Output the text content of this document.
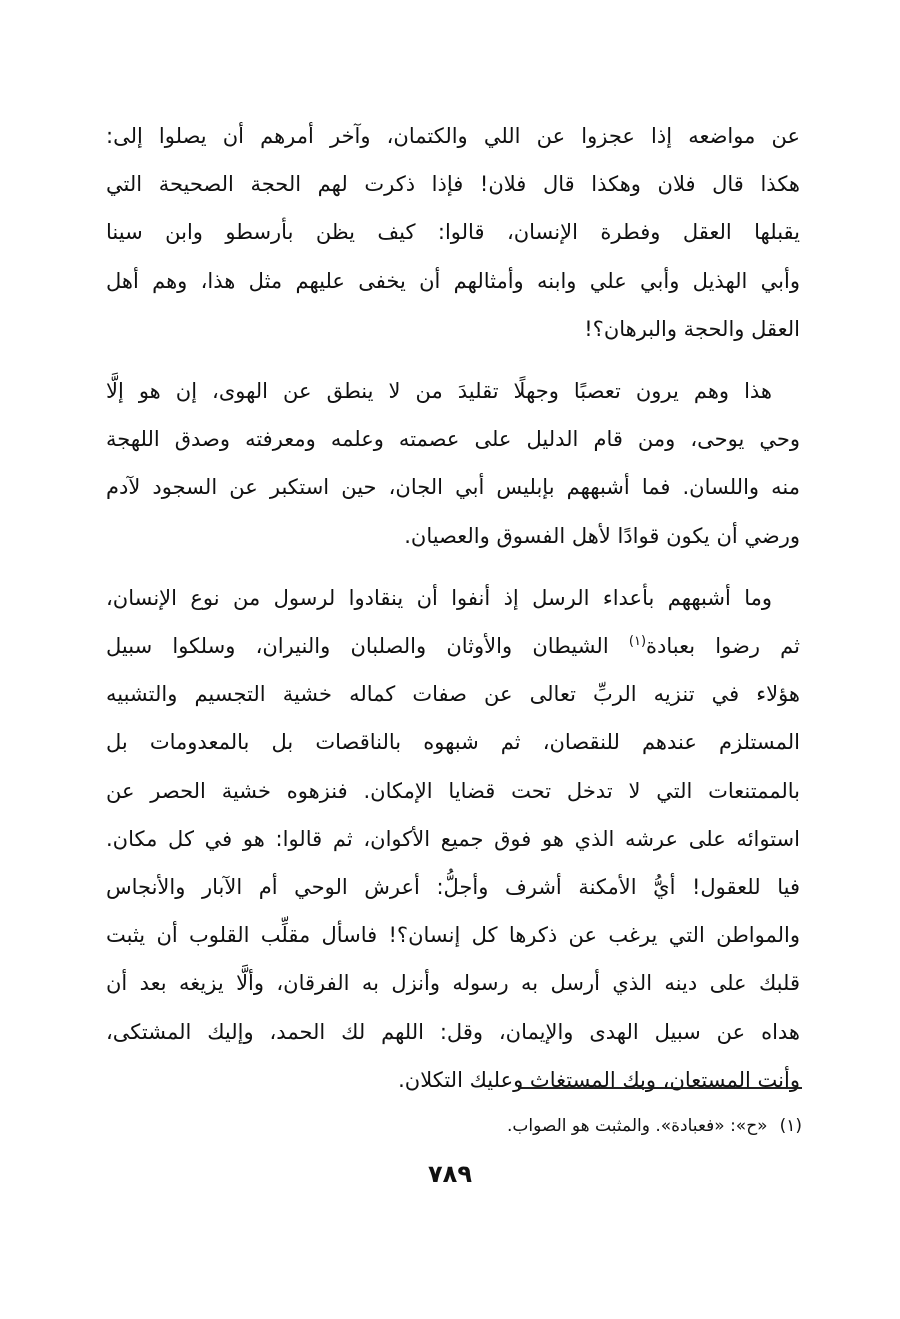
عن مواضعه إذا عجزوا عن اللي والكتمان، وآخر أمرهم أن يصلوا إلى:
هكذا قال فلان وهكذا قال فلان! فإذا ذكرت لهم الحجة الصحيحة التي
يقبلها العقل وفطرة الإنسان، قالوا: كيف يظن بأرسطو وابن سينا
وأبي الهذيل وأبي علي وابنه وأمثالهم أن يخفى عليهم مثل هذا، وهم أهل
العقل والحجة والبرهان؟!

هذا وهم يرون تعصبًا وجهلًا تقليدَ من لا ينطق عن الهوى، إن هو إلَّا
وحي يوحى، ومن قام الدليل على عصمته وعلمه ومعرفته وصدق اللهجة
منه واللسان. فما أشبههم بإبليس أبي الجان، حين استكبر عن السجود لآدم
ورضي أن يكون قوادًا لأهل الفسوق والعصيان.

وما أشبههم بأعداء الرسل إذ أنفوا أن ينقادوا لرسول من نوع الإنسان،
ثم رضوا بعبادة$^{(١)}$ الشيطان والأوثان والصلبان والنيران، وسلكوا سبيل
هؤلاء في تنزيه الربِّ تعالى عن صفات كماله خشية التجسيم والتشبيه
المستلزم عندهم للنقصان، ثم شبهوه بالناقصات بل بالمعدومات بل
بالممتنعات التي لا تدخل تحت قضايا الإمكان. فنزهوه خشية الحصر عن
استوائه على عرشه الذي هو فوق جميع الأكوان، ثم قالوا: هو في كل مكان.
فيا للعقول! أيُّ الأمكنة أشرف وأجلُّ: أعرش الوحي أم الآبار والأنجاس
والمواطن التي يرغب عن ذكرها كل إنسان؟! فاسأل مقلِّب القلوب أن يثبت
قلبك على دينه الذي أرسل به رسوله وأنزل به الفرقان، وألَّا يزيغه بعد أن
هداه عن سبيل الهدى والإيمان، وقل: اللهم لك الحمد، وإليك المشتكى،
وأنت المستعان، وبك المستغاث وعليك التكلان.

(١)«ح»: «فعبادة». والمثبت هو الصواب.
٧٨٩
